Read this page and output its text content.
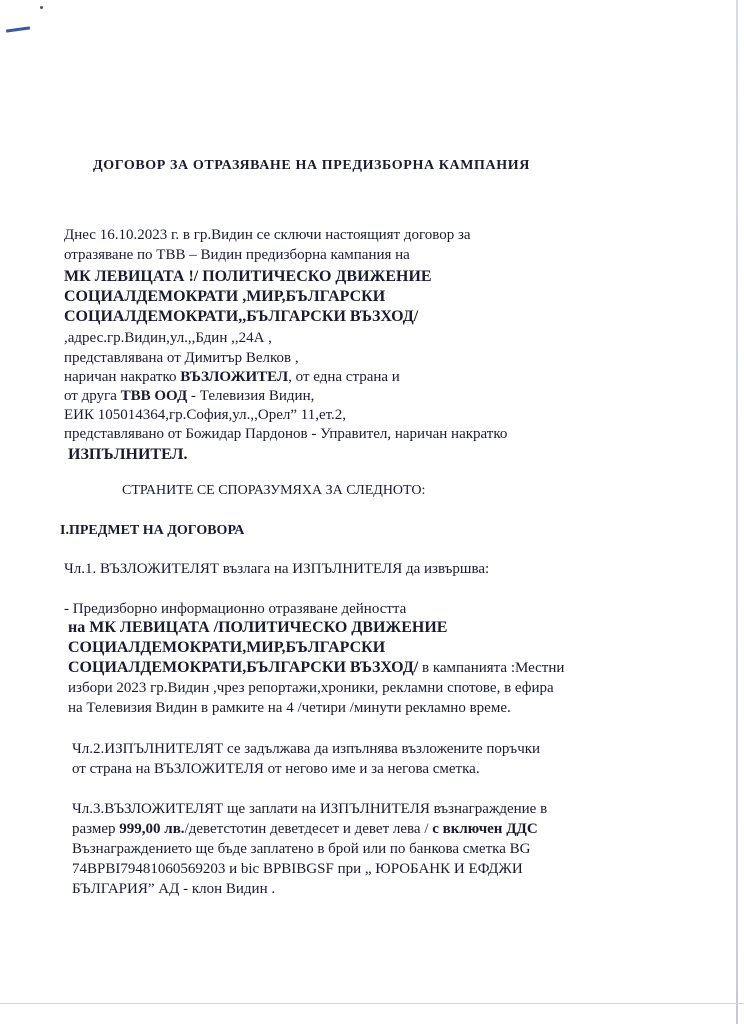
ДОГОВОР ЗА ОТРАЗЯВАНЕ НА ПРЕДИЗБОРНА КАМПАНИЯ
Днес 16.10.2023 г. в гр.Видин се сключи настоящият договор за
отразяване по ТВВ – Видин предизборна кампания на
МК ЛЕВИЦАТА !/ ПОЛИТИЧЕСКО ДВИЖЕНИЕ
СОЦИАЛДЕМОКРАТИ ,МИР,БЪЛГАРСКИ
СОЦИАЛДЕМОКРАТИ,,БЪЛГАРСКИ ВЪЗХОД/
,адрес.гр.Видин,ул.,,Бдин ,,24А ,
представлявана от Димитър Велков ,
наричан накратко ВЪЗЛОЖИТЕЛ, от една страна и
от друга ТВВ ООД - Телевизия Видин,
ЕИК 105014364,гр.София,ул.,,Орел” 11,ет.2,
представлявано от Божидар Пардонов - Управител, наричан накратко
ИЗПЪЛНИТЕЛ.
СТРАНИТЕ СЕ СПОРАЗУМЯХА ЗА СЛЕДНОТО:
I.ПРЕДМЕТ НА ДОГОВОРА
Чл.1. ВЪЗЛОЖИТЕЛЯТ възлага на ИЗПЪЛНИТЕЛЯ да извършва:
- Предизборно информационно отразяване дейността
на МК ЛЕВИЦАТА /ПОЛИТИЧЕСКО ДВИЖЕНИЕ
СОЦИАЛДЕМОКРАТИ,МИР,БЪЛГАРСКИ
СОЦИАЛДЕМОКРАТИ,БЪЛГАРСКИ ВЪЗХОД/ в кампанията :Местни
избори 2023 гр.Видин ,чрез репортажи,хроники, рекламни спотове, в ефира
на Телевизия Видин в рамките на 4 /четири /минути рекламно време.
Чл.2.ИЗПЪЛНИТЕЛЯТ се задължава да изпълнява възложените поръчки
от страна на ВЪЗЛОЖИТЕЛЯ от негово име и за негова сметка.
Чл.3.ВЪЗЛОЖИТЕЛЯТ ще заплати на ИЗПЪЛНИТЕЛЯ възнаграждение в
размер 999,00 лв./деветстотин деветдесет и девет лева / с включен ДДС
Възнаграждението ще бъде заплатено в брой или по банкова сметка BG
74BPBI79481060569203 и bic BPBIBGSF при „ ЮРОБАНК И ЕФДЖИ
БЪЛГАРИЯ” АД - клон Видин .
